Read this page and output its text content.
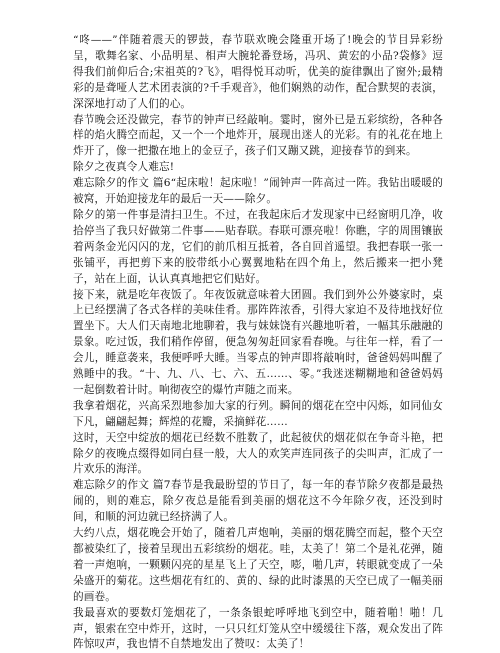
“咚——”伴随着震天的锣鼓，春节联欢晚会隆重开场了!晚会的节目异彩纷呈，歌舞名家、小品明星、相声大腕轮番登场，冯巩、黄宏的小品?袋修》逗得我们前仰后合;宋祖英的?飞》，唱得悦耳动听，优美的旋律飘出了窗外;最精彩的是聋哑人艺术团表演的?千手观音》，他们娴熟的动作，配合默契的表演，深深地打动了人们的心。

春节晚会还没做完，春节的钟声已经敲响。霎时，窗外已是五彩缤纷，各种各样的焰火腾空而起，又一个一个地炸开，展现出迷人的光彩。有的礼花在地上炸开了，像一把撒在地上的金豆子，孩子们又蹦又跳，迎接春节的到来。

除夕之夜真令人难忘!

难忘除夕的作文 篇6“起床啦！起床啦！”闹钟声一阵高过一阵。我钻出暖暖的被窝，开始迎接龙年的最后一天——除夕。

除夕的第一件事是清扫卫生。不过，在我起床后才发现家中已经窗明几净，收拾停当了我只好做第二件事——贴春联。春联可漂亮啦！你瞧，字的周围镶嵌着两条金光闪闪的龙，它们的前爪相互抵着，各自回首遥望。我把春联一张一张铺平，再把剪下来的胶带纸小心翼翼地粘在四个角上，然后搬来一把小凳子，站在上面，认认真真地把它们贴好。

接下来，就是吃年夜饭了。年夜饭就意味着大团圆。我们到外公外婆家时，桌上已经摆满了各式各样的美味佳肴。那阵阵浓香，引得大家迫不及待地找好位置坐下。大人们天南地北地聊着，我与妹妹饶有兴趣地听着，一幅其乐融融的景象。吃过饭，我们稍作停留，便急匆匆赶回家看春晚。与往年一样，看了一会儿，睡意袭来，我便呼呼大睡。当零点的钟声即将敲响时，爸爸妈妈叫醒了熟睡中的我。“十、九、八、七、六、五……、零。”我迷迷糊糊地和爸爸妈妈一起倒数着计时。响彻夜空的爆竹声随之而来。

我拿着烟花，兴高采烈地参加大家的行列。瞬间的烟花在空中闪烁，如同仙女下凡，翩翩起舞；辉煌的花瓣，采摘鲜花……

这时，天空中绽放的烟花已经数不胜数了，此起彼伏的烟花似在争奇斗艳，把除夕的夜晚点缀得如同白昼一般，大人的欢笑声连同孩子的尖叫声，汇成了一片欢乐的海洋。

难忘除夕的作文 篇7春节是我最盼望的节日了，每一年的春节除夕夜都是最热闹的，则的难忘，除夕夜总是能看到美丽的烟花这不今年除夕夜，还没到时间，和顺的河边就已经挤满了人。

大约八点，烟花晚会开始了，随着几声炮响，美丽的烟花腾空而起，整个天空都被染红了，接着呈现出五彩缤纷的烟花。哇，太美了！第二个是礼花弹，随着一声炮响，一颗颗闪亮的星星飞上了天空，嘭，啪几声，转眼就变成了一朵朵盛开的菊花。这些烟花有红的、黄的、绿的此时漆黑的天空已成了一幅美丽的画卷。

我最喜欢的要数灯笼烟花了，一条条银蛇呼呼地飞到空中，随着啪！啪！几声，银索在空中炸开，这时，一只只红灯笼从空中缓缓往下落，观众发出了阵阵惊叹声，我也情不自禁地发出了赞叹：太美了！
